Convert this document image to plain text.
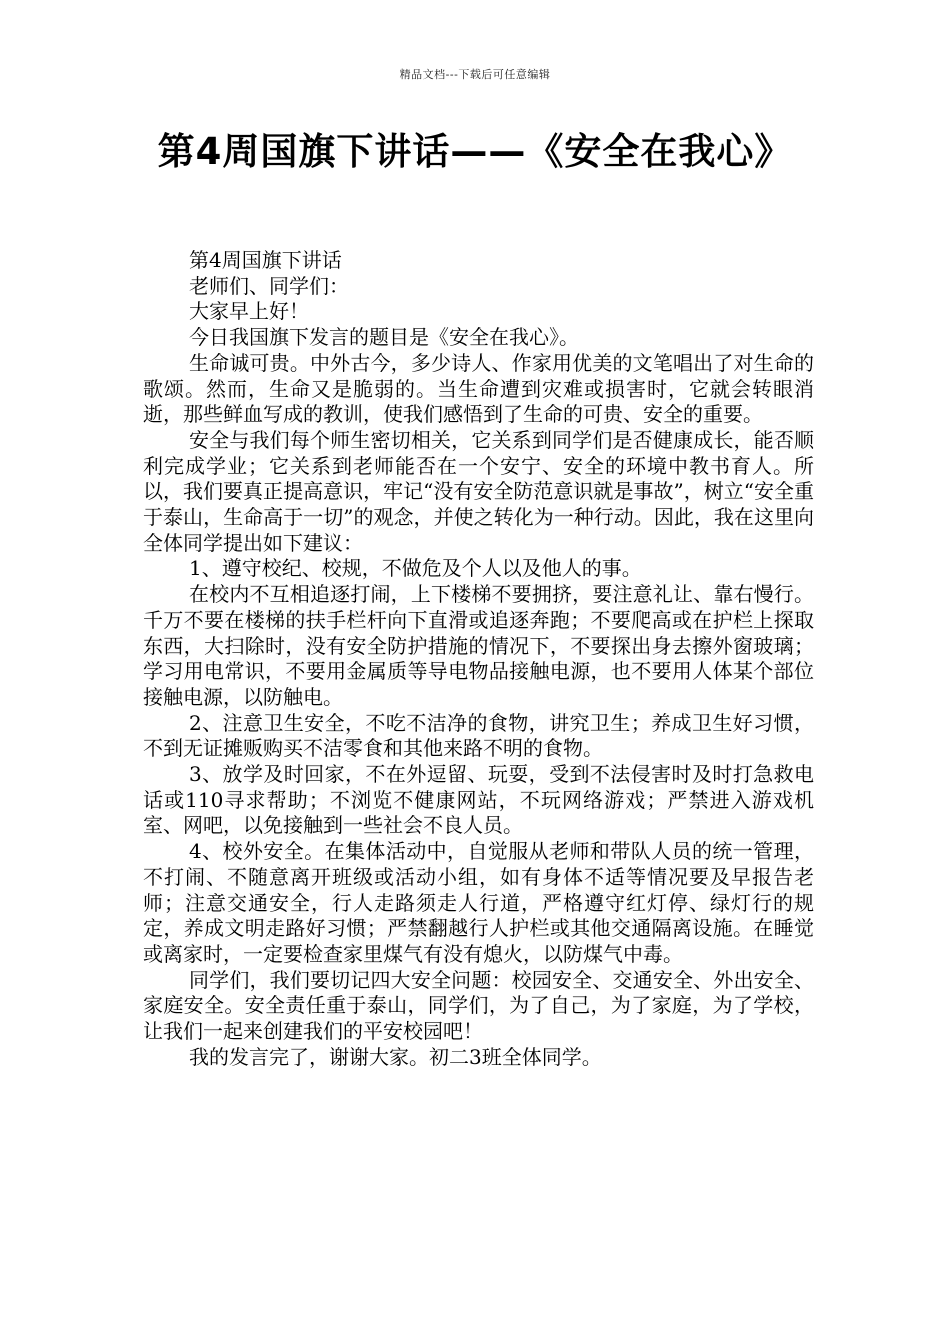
精品文档---下载后可任意编辑
第4周国旗下讲话——《安全在我心》

第4周国旗下讲话

老师们、同学们：

大家早上好！

今日我国旗下发言的题目是《安全在我心》。

生命诚可贵。中外古今，多少诗人、作家用优美的文笔唱出了对生命的歌颂。然而，生命又是脆弱的。当生命遭到灾难或损害时，它就会转眼消逝，那些鲜血写成的教训，使我们感悟到了生命的可贵、安全的重要。

安全与我们每个师生密切相关，它关系到同学们是否健康成长，能否顺利完成学业；它关系到老师能否在一个安宁、安全的环境中教书育人。所以，我们要真正提高意识，牢记“没有安全防范意识就是事故”，树立“安全重于泰山，生命高于一切”的观念，并使之转化为一种行动。因此，我在这里向全体同学提出如下建议：

1、遵守校纪、校规，不做危及个人以及他人的事。

在校内不互相追逐打闹，上下楼梯不要拥挤，要注意礼让、靠右慢行。千万不要在楼梯的扶手栏杆向下直滑或追逐奔跑；不要爬高或在护栏上探取东西，大扫除时，没有安全防护措施的情况下，不要探出身去擦外窗玻璃；学习用电常识，不要用金属质等导电物品接触电源，也不要用人体某个部位接触电源，以防触电。

2、注意卫生安全，不吃不洁净的食物，讲究卫生；养成卫生好习惯，不到无证摊贩购买不洁零食和其他来路不明的食物。

3、放学及时回家，不在外逗留、玩耍，受到不法侵害时及时打急救电话或110寻求帮助；不浏览不健康网站，不玩网络游戏；严禁进入游戏机室、网吧，以免接触到一些社会不良人员。

4、校外安全。在集体活动中，自觉服从老师和带队人员的统一管理，不打闹、不随意离开班级或活动小组，如有身体不适等情况要及早报告老师；注意交通安全，行人走路须走人行道，严格遵守红灯停、绿灯行的规定，养成文明走路好习惯；严禁翻越行人护栏或其他交通隔离设施。在睡觉或离家时，一定要检查家里煤气有没有熄火，以防煤气中毒。

同学们，我们要切记四大安全问题：校园安全、交通安全、外出安全、家庭安全。安全责任重于泰山，同学们，为了自己，为了家庭，为了学校，让我们一起来创建我们的平安校园吧！

我的发言完了，谢谢大家。初二3班全体同学。
